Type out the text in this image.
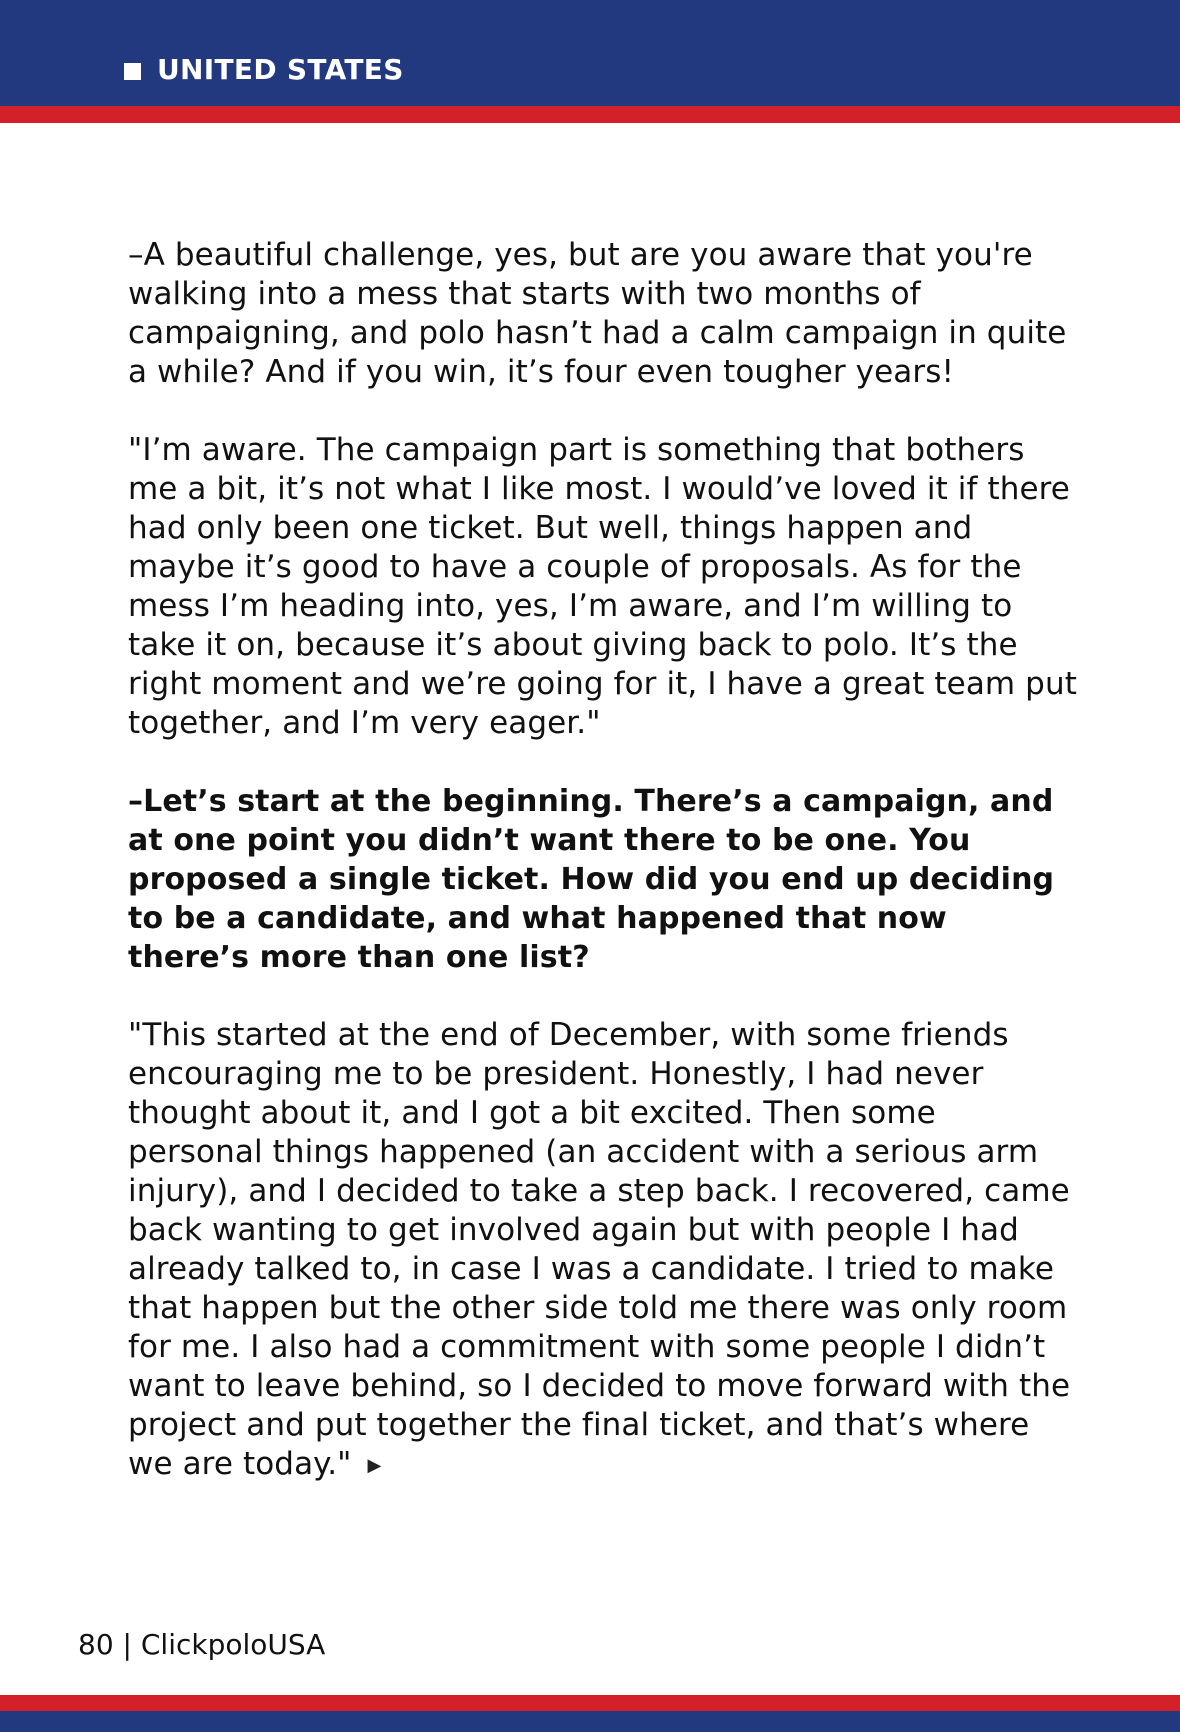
UNITED STATES

–A beautiful challenge, yes, but are you aware that you're walking into a mess that starts with two months of campaigning, and polo hasn’t had a calm campaign in quite a while? And if you win, it’s four even tougher years!

"I’m aware. The campaign part is something that bothers me a bit, it’s not what I like most. I would’ve loved it if there had only been one ticket. But well, things happen and maybe it’s good to have a couple of proposals. As for the mess I’m heading into, yes, I’m aware, and I’m willing to take it on, because it’s about giving back to polo. It’s the right moment and we’re going for it, I have a great team put together, and I’m very eager."

–Let’s start at the beginning. There’s a campaign, and at one point you didn’t want there to be one. You proposed a single ticket. How did you end up deciding to be a candidate, and what happened that now there’s more than one list?

"This started at the end of December, with some friends encouraging me to be president. Honestly, I had never thought about it, and I got a bit excited. Then some personal things happened (an accident with a serious arm injury), and I decided to take a step back. I recovered, came back wanting to get involved again but with people I had already talked to, in case I was a candidate. I tried to make that happen but the other side told me there was only room for me. I also had a commitment with some people I didn’t want to leave behind, so I decided to move forward with the project and put together the final ticket, and that’s where we are today." ▶

80 | ClickpoloUSA
